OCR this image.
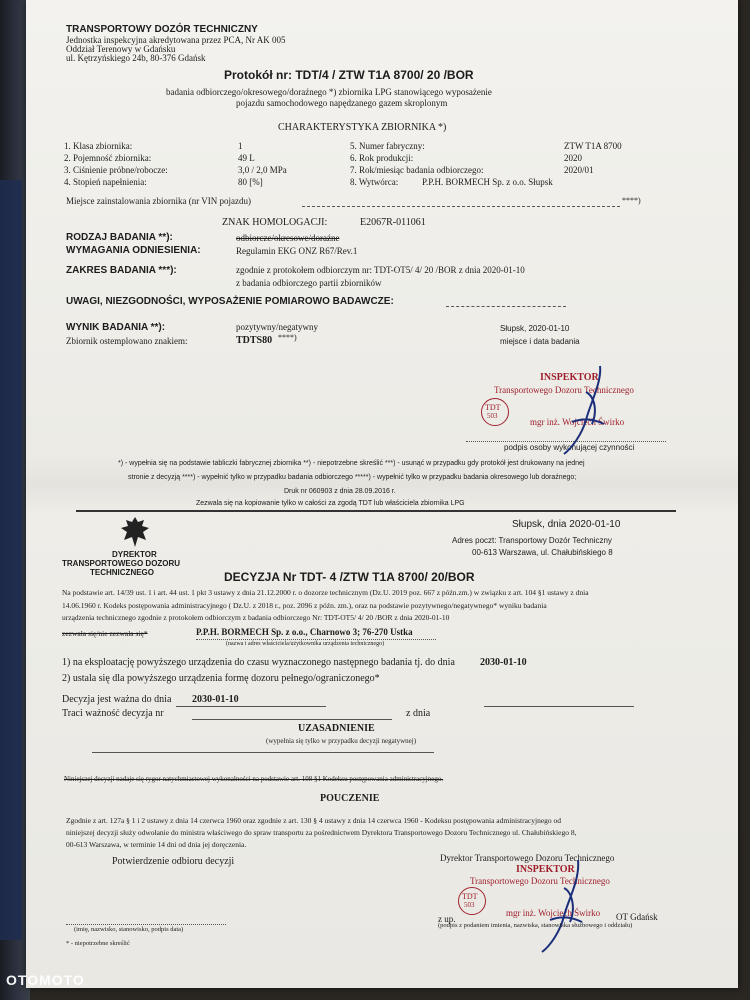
TRANSPORTOWY DOZÓR TECHNICZNY
Jednostka inspekcyjna akredytowana przez PCA, Nr AK 005
Oddział Terenowy w Gdańsku
ul. Kętrzyńskiego 24b, 80-376 Gdańsk
Protokół nr: TDT/4 / ZTW T1A 8700/ 20 /BOR
badania odbiorczego/okresowego/doraźnego *) zbiornika LPG stanowiącego wyposażenie
pojazdu samochodowego napędzanego gazem skroplonym
CHARAKTERYSTYKA ZBIORNIKA *)
1. Klasa zbiornika:	1
2. Pojemność zbiornika:	49 L
3. Ciśnienie próbne/robocze:	3,0 / 2,0 MPa
4. Stopień napełnienia:	80 [%]
5. Numer fabryczny:	ZTW T1A 8700
6. Rok produkcji:	2020
7. Rok/miesiąc badania odbiorczego:	2020/01
8. Wytwórca:	P.P.H. BORMECH Sp. z o.o. Słupsk
Miejsce zainstalowania zbiornika (nr VIN pojazdu)	****)
ZNAK HOMOLOGACJI:	E2067R-011061
RODZAJ BADANIA **):	odbiorcze/okresowe/doraźne
WYMAGANIA ODNIESIENIA:	Regulamin EKG ONZ R67/Rev.1
ZAKRES BADANIA ***):	zgodnie z protokołem odbiorczym nr: TDT-OT5/ 4/ 20 /BOR z dnia 2020-01-10
z badania odbiorczego partii zbiorników
UWAGI, NIEZGODNOŚCI, WYPOSAŻENIE POMIAROWO BADAWCZE:
WYNIK BADANIA **):	pozytywny/negatywny
Zbiornik ostemplowano znakiem:	TDTS80 ****)
Słupsk, 2020-01-10
miejsce i data badania
INSPEKTOR
Transportowego Dozoru Technicznego
TDT
503
mgr inż. Wojciech Świrko
podpis osoby wykonującej czynności
*) - wypełnia się na podstawie tabliczki fabrycznej zbiornika **) - niepotrzebne skreślić ***) - usunąć w przypadku gdy protokół jest drukowany na jednej
stronie z decyzją ****) - wypełnić tylko w przypadku badania odbiorczego *****) - wypełnić tylko w przypadku badania okresowego lub doraźnego;
Druk nr 060903 z dnia 28.09.2016 r.
Zezwala się na kopiowanie tylko w całości za zgodą TDT lub właściciela zbiornika LPG
DYREKTOR
TRANSPORTOWEGO DOZORU
TECHNICZNEGO
Słupsk, dnia 2020-01-10
Adres poczt: Transportowy Dozór Techniczny
00-613 Warszawa, ul. Chałubińskiego 8
DECYZJA Nr TDT- 4 /ZTW T1A 8700/ 20/BOR
Na podstawie art. 14/39 ust. 1 i art. 44 ust. 1 pkt 3 ustawy z dnia 21.12.2000 r. o dozorze technicznym (Dz.U. 2019 poz. 667 z późn.zm.) w związku z art. 104 §1 ustawy z dnia
14.06.1960 r. Kodeks postępowania administracyjnego ( Dz.U. z 2018 r., poz. 2096 z późn. zm.), oraz na podstawie pozytywnego/negatywnego* wyniku badania
urządzenia technicznego zgodnie z protokołem odbiorczym z badania odbiorczego Nr: TDT-OT5/ 4/ 20 /BOR z dnia 2020-01-10
zezwala się/nie zezwala się*	P.P.H. BORMECH Sp. z o.o., Charnowo 3; 76-270 Ustka
(nazwa i adres właściciela/użytkownika urządzenia technicznego)
1) na eksploatację powyższego urządzenia do czasu wyznaczonego następnego badania tj. do dnia	2030-01-10
2) ustala się dla powyższego urządzenia formę dozoru pełnego/ograniczonego*
Decyzja jest ważna do dnia 2030-01-10
Traci ważność decyzja nr	z dnia
UZASADNIENIE
(wypełnia się tylko w przypadku decyzji negatywnej)
Niniejszej decyzji nadaje się rygor natychmiastowej wykonalności na podstawie art. 108 §1 Kodeksu postępowania administracyjnego.
POUCZENIE
Zgodnie z art. 127a § 1 i 2 ustawy z dnia 14 czerwca 1960 oraz zgodnie z art. 130 § 4 ustawy z dnia 14 czerwca 1960 - Kodeksu postępowania administracyjnego od
niniejszej decyzji służy odwołanie do ministra właściwego do spraw transportu za pośrednictwem Dyrektora Transportowego Dozoru Technicznego ul. Chałubińskiego 8,
00-613 Warszawa, w terminie 14 dni od dnia jej doręczenia.
Potwierdzenie odbioru decyzji	Dyrektor Transportowego Dozoru Technicznego
INSPEKTOR
Transportowego Dozoru Technicznego
TDT
503
z up.
mgr inż. Wojciech Świrko OT Gdańsk
(podpis z podaniem imienia, nazwiska, stanowiska służbowego i oddziału)
(imię, nazwisko, stanowisko, podpis data)
* - niepotrzebne skreślić
OTOMOTO
